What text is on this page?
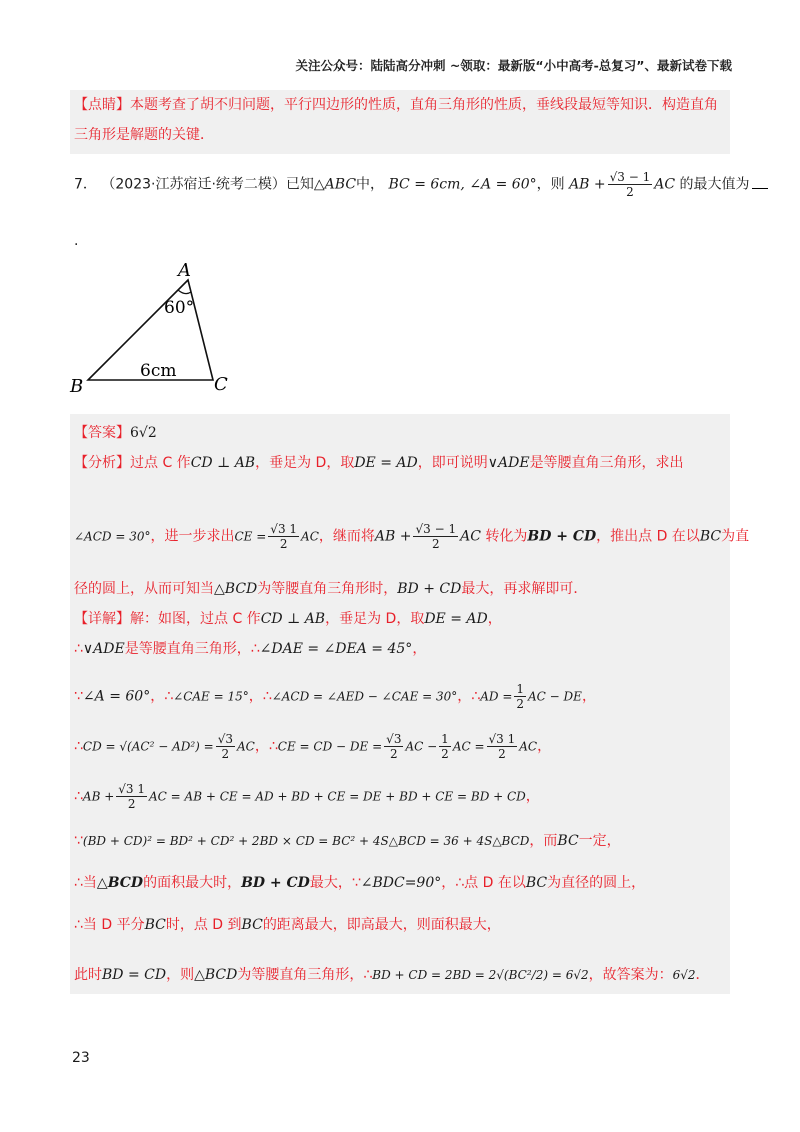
关注公众号：陆陆高分冲刺 ~领取：最新版“小中高考-总复习”、最新试卷下载
【点睛】本题考查了胡不归问题，平行四边形的性质，直角三角形的性质，垂线段最短等知识．构造直角
三角形是解题的关键．
7． （2023·江苏宿迁·统考二模）已知△ABC中， BC = 6cm, ∠A = 60°，则 AB + $\frac{√3 - 1}{2}$ AC 的最大值为
.
A
B	C
60°
6cm
【答案】6√2
【分析】过点 C 作CD ⊥ AB，垂足为 D，取DE = AD，即可说明∨ADE是等腰直角三角形，求出
∠ACD = 30°，进一步求出CE = $\frac{√3 1}{2}$ AC，继而将AB + $\frac{√3 - 1}{2}$ AC 转化为BD + CD，推出点 D 在以BC为直
径的圆上，从而可知当△BCD为等腰直角三角形时，BD + CD最大，再求解即可．
【详解】解：如图，过点 C 作CD ⊥ AB，垂足为 D，取DE = AD，
∴∨ADE是等腰直角三角形，∴∠DAE = ∠DEA = 45°，
∵∠A = 60°，∴∠CAE = 15°，∴∠ACD = ∠AED − ∠CAE = 30°，∴AD = $\frac{1}{2}$ AC − DE，
∴CD = $√(AC^2 - AD^2) = \frac{√3}{2}$ AC，∴CE = CD − DE = $\frac{√3}{2}$ AC − $\frac{1}{2}$ AC = $\frac{√3 1}{2}$ AC，
∴AB + $\frac{√3 1}{2}$ AC = AB + CE = AD + BD + CE = DE + BD + CE = BD + CD，
∵(BD + CD)² = BD² + CD² + 2BD × CD = BC² + 4S△BCD = 36 + 4S△BCD，而BC一定，
∴当△BCD的面积最大时，BD + CD最大，∵∠BDC=90°，∴点 D 在以BC为直径的圆上，
∴当 D 平分BC时，点 D 到BC的距离最大，即高最大，则面积最大，
此时BD = CD，则△BCD为等腰直角三角形，∴BD + CD = 2BD = 2√(BC²/2) = 6√2，故答案为：6√2．
23
